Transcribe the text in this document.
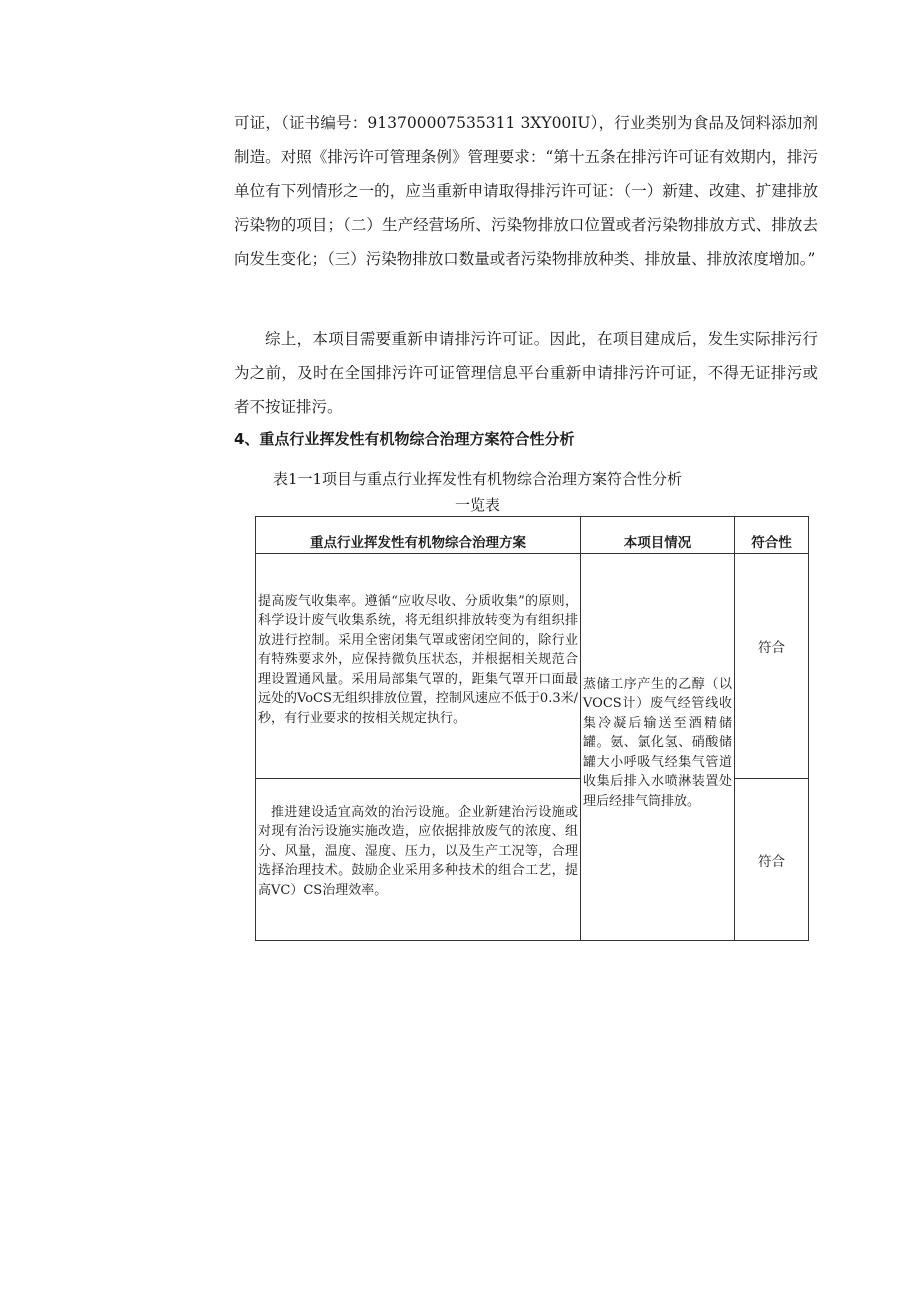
可证，（证书编号：913700007535311 3XY00IU），行业类别为食品及饲料添加剂制造。对照《排污许可管理条例》管理要求：“第十五条在排污许可证有效期内，排污单位有下列情形之一的，应当重新申请取得排污许可证：（一）新建、改建、扩建排放污染物的项目；（二）生产经营场所、污染物排放口位置或者污染物排放方式、排放去向发生变化；（三）污染物排放口数量或者污染物排放种类、排放量、排放浓度增加。”

综上，本项目需要重新申请排污许可证。因此，在项目建成后，发生实际排污行为之前，及时在全国排污许可证管理信息平台重新申请排污许可证，不得无证排污或者不按证排污。

4、重点行业挥发性有机物综合治理方案符合性分析

表1一1项目与重点行业挥发性有机物综合治理方案符合性分析
一览表
重点行业挥发性有机物综合治理方案	本项目情况	符合性

提高废气收集率。遵循“应收尽收、分质收集”的原则，科学设计废气收集系统，将无组织排放转变为有组织排放进行控制。采用全密闭集气罩或密闭空间的，除行业有特殊要求外，应保持微负压状态，并根据相关规范合理设置通风量。采用局部集气罩的，距集气罩开口面最远处的VoCS无组织排放位置，控制风速应不低于0.3米/秒，有行业要求的按相关规定执行。	蒸储工序产生的乙醇（以VOCS计）废气经管线收集冷凝后输送至酒精储罐。氨、氯化氢、硝酸储罐大小呼吸气经集气管道收集后排入水喷淋装置处理后经排气筒排放。	符合

推进建设适宜高效的治污设施。企业新建治污设施或对现有治污设施实施改造，应依据排放废气的浓度、组分、风量，温度、湿度、压力，以及生产工况等，合理选择治理技术。鼓励企业采用多种技术的组合工艺，提高VC）CS治理效率。		符合
